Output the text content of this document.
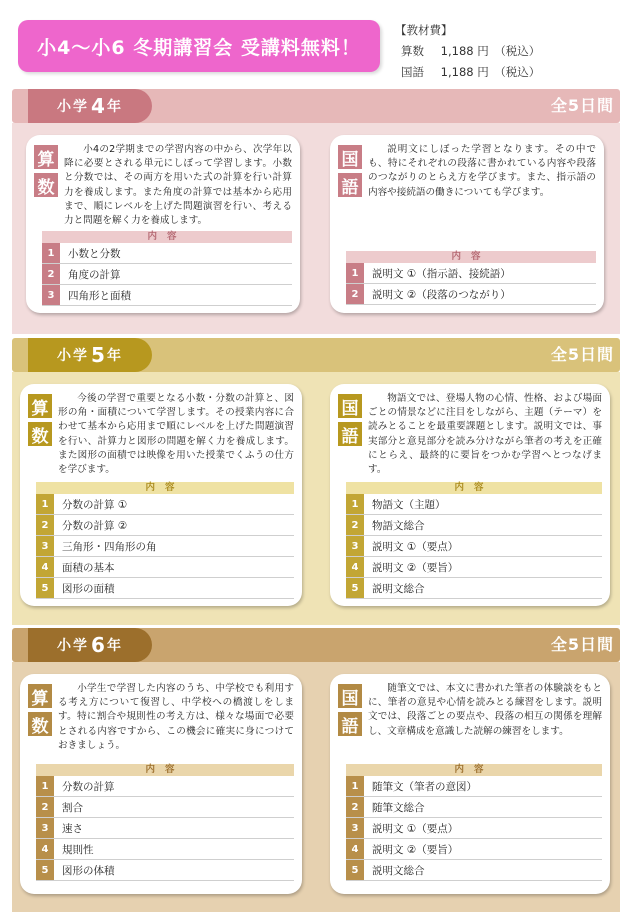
小4～小6 冬期講習会 受講料無料！
【教材費】
算数 1,188 円 （税込）
国語 1,188 円 （税込）
小学 4 年	全5日間
算
数
小4の2学期までの学習内容の中から、次学年以降に必要とされる単元にしぼって学習します。小数と分数では、その両方を用いた式の計算を行い計算力を養成します。また角度の計算では基本から応用まで、順にレベルを上げた問題演習を行い、考える力と問題を解く力を養成します。
内容
1	小数と分数
2	角度の計算
3	四角形と面積
国
語
説明文にしぼった学習となります。その中でも、特にそれぞれの段落に書かれている内容や段落のつながりのとらえ方を学びます。また、指示語の内容や接続語の働きについても学びます。
内容
1	説明文 ①（指示語、接続語）
2	説明文 ②（段落のつながり）
小学 5 年	全5日間
算
数
今後の学習で重要となる小数・分数の計算と、図形の角・面積について学習します。その授業内容に合わせて基本から応用まで順にレベルを上げた問題演習を行い、計算力と図形の問題を解く力を養成します。また図形の面積では映像を用いた授業でくふうの仕方を学びます。
内容
1	分数の計算 ①
2	分数の計算 ②
3	三角形・四角形の角
4	面積の基本
5	図形の面積
国
語
物語文では、登場人物の心情、性格、および場面ごとの情景などに注目をしながら、主題（テーマ）を読みとることを最重要課題とします。説明文では、事実部分と意見部分を読み分けながら筆者の考えを正確にとらえ、最終的に要旨をつかむ学習へとつなげます。
内容
1	物語文（主題）
2	物語文総合
3	説明文 ①（要点）
4	説明文 ②（要旨）
5	説明文総合
小学 6 年	全5日間
算
数
小学生で学習した内容のうち、中学校でも利用する考え方について復習し、中学校への橋渡しをします。特に割合や規則性の考え方は、様々な場面で必要とされる内容ですから、この機会に確実に身につけておきましょう。
内容
1	分数の計算
2	割合
3	速さ
4	規則性
5	図形の体積
国
語
随筆文では、本文に書かれた筆者の体験談をもとに、筆者の意見や心情を読みとる練習をします。説明文では、段落ごとの要点や、段落の相互の関係を理解し、文章構成を意識した読解の練習をします。
内容
1	随筆文（筆者の意図）
2	随筆文総合
3	説明文 ①（要点）
4	説明文 ②（要旨）
5	説明文総合
